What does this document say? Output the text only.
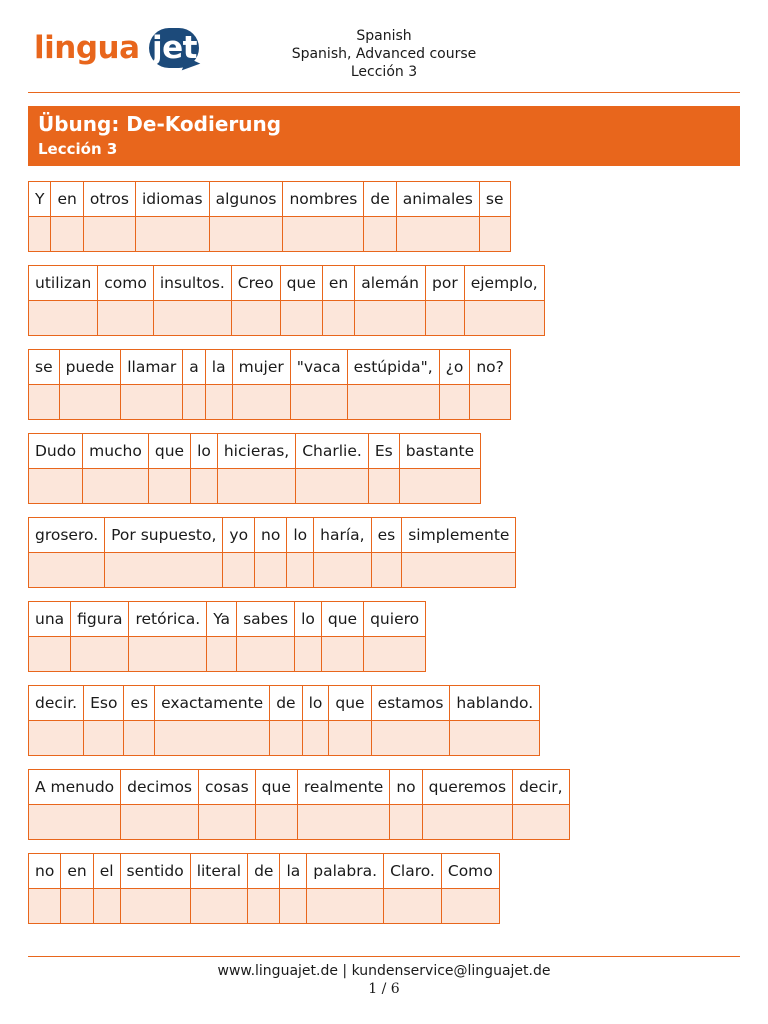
lingua jet	Spanish
Spanish, Advanced course
Lección 3
Übung: De-Kodierung
Lección 3
Y en otros idiomas algunos nombres de animales se
utilizan como insultos. Creo que en alemán por ejemplo,
se puede llamar a la mujer "vaca estúpida", ¿o no?
Dudo mucho que lo hicieras, Charlie. Es bastante
grosero. Por supuesto, yo no lo haría, es simplemente
una figura retórica. Ya sabes lo que quiero
decir. Eso es exactamente de lo que estamos hablando.
A menudo decimos cosas que realmente no queremos decir,
no en el sentido literal de la palabra. Claro. Como
www.linguajet.de | kundenservice@linguajet.de
1 / 6
